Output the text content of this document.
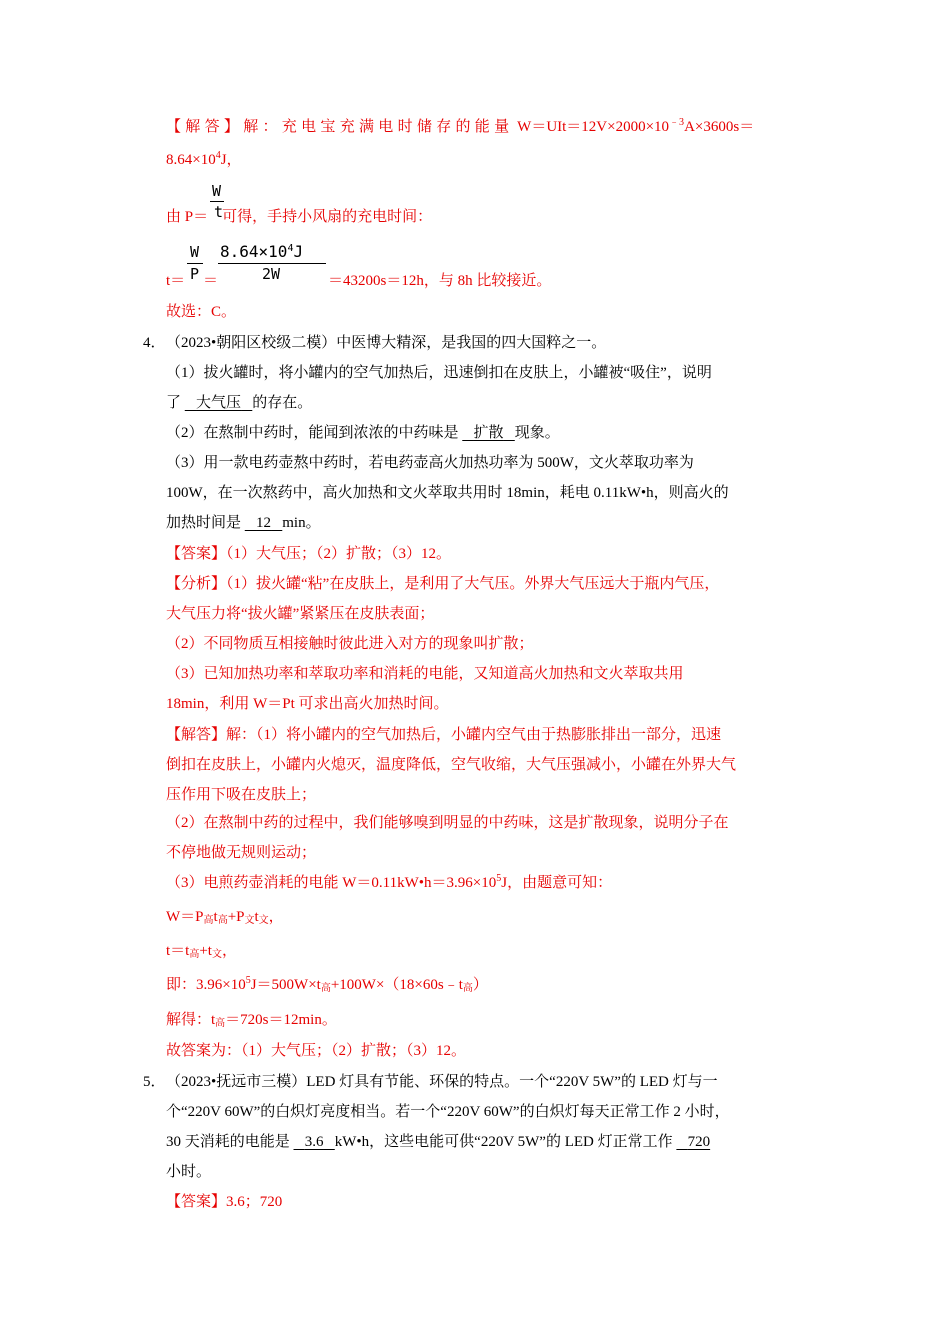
【解答】解：充电宝充满电时储存的能量 $W=UIt=12V\times 2000\times 10^{﹣3}A\times 3600s=$
$8.64\times 10^4J$，
W
t
由 P＝ 可得，手持小风扇的充电时间：
W
P
$8.64\times 10^4J$
2W
t＝ ＝	＝43200s＝12h，与 8h 比较接近。
故选：C。
4． （2023•朝阳区校级二模）中医博大精深，是我国的四大国粹之一。
（1）拔火罐时，将小罐内的空气加热后，迅速倒扣在皮肤上，小罐被“吸住”，说明
了 大气压 的存在。
（2）在熬制中药时，能闻到浓浓的中药味是 扩散 现象。
（3）用一款电药壶熬中药时，若电药壶高火加热功率为 500W，文火萃取功率为
100W，在一次熬药中，高火加热和文火萃取共用时 18min，耗电 0.11kW•h，则高火的
加热时间是 12 min。
【答案】（1）大气压；（2）扩散；（3）12。
【分析】（1）拔火罐“粘”在皮肤上，是利用了大气压。外界大气压远大于瓶内气压，
大气压力将“拔火罐”紧紧压在皮肤表面；
（2）不同物质互相接触时彼此进入对方的现象叫扩散；
（3）已知加热功率和萃取功率和消耗的电能，又知道高火加热和文火萃取共用
18min，利用 W＝Pt 可求出高火加热时间。
【解答】解：（1）将小罐内的空气加热后，小罐内空气由于热膨胀排出一部分，迅速
倒扣在皮肤上，小罐内火熄灭，温度降低，空气收缩，大气压强减小，小罐在外界大气
压作用下吸在皮肤上；
（2）在熬制中药的过程中，我们能够嗅到明显的中药味，这是扩散现象，说明分子在
不停地做无规则运动；
（3）电煎药壶消耗的电能 $W=0.11kW•h=3.96\times 10^5J$，由题意可知：
$W=P_高t_高+P_文t_文$，
$t=t_高+t_文$，
即：$3.96\times 10^5J=500W\times t_高+100W\times(18\times 60s﹣t_高)$
解得：$t_高=720s=12\min$。
故答案为：（1）大气压；（2）扩散；（3）12。
5． （2023•抚远市三模）LED 灯具有节能、环保的特点。一个“220V 5W”的 LED 灯与一
个“220V 60W”的白炽灯亮度相当。若一个“220V 60W”的白炽灯每天正常工作 2 小时，
30 天消耗的电能是 3.6 kW•h，这些电能可供“220V 5W”的 LED 灯正常工作 720
小时。
【答案】3.6；720
